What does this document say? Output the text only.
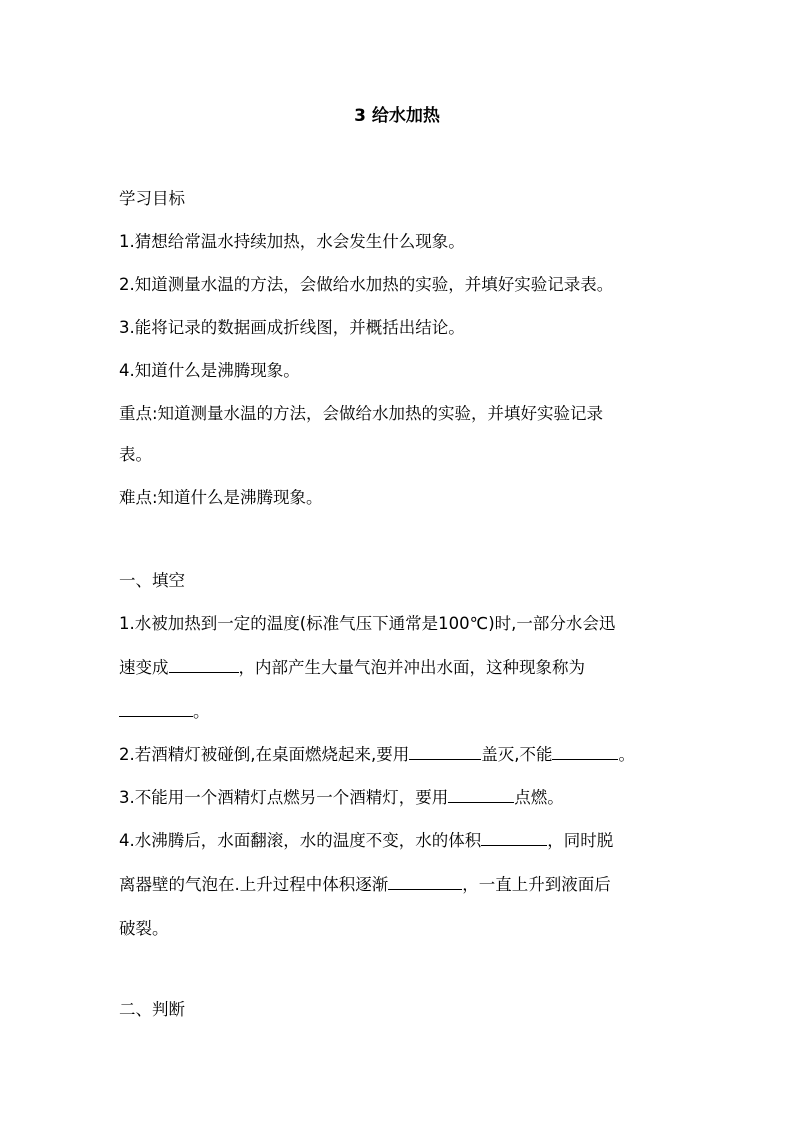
3 给水加热

学习目标

1.猜想给常温水持续加热，水会发生什么现象。

2.知道测量水温的方法，会做给水加热的实验，并填好实验记录表。

3.能将记录的数据画成折线图，并概括出结论。

4.知道什么是沸腾现象。

重点:知道测量水温的方法，会做给水加热的实验，并填好实验记录

表。

难点:知道什么是沸腾现象。

一、填空

1.水被加热到一定的温度(标准气压下通常是100℃)时,一部分水会迅

速变成	，内部产生大量气泡并冲出水面，这种现象称为

。

2.若酒精灯被碰倒,在桌面燃烧起来,要用	盖灭,不能	。

3.不能用一个酒精灯点燃另一个酒精灯，要用	点燃。

4.水沸腾后，水面翻滚，水的温度不变，水的体积	，同时脱

离器壁的气泡在.上升过程中体积逐渐	，一直上升到液面后

破裂。

二、判断
